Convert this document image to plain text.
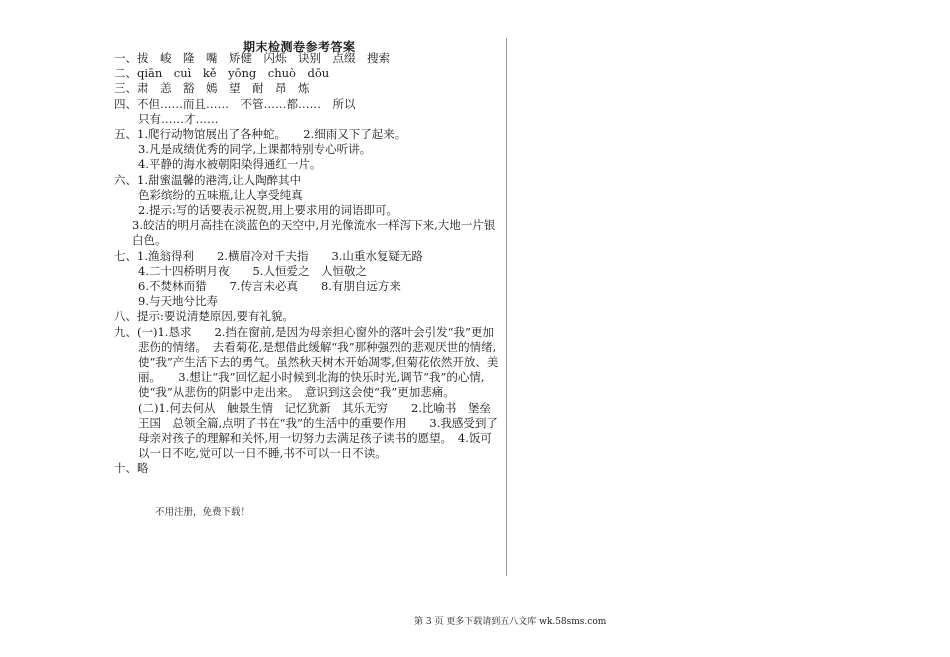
期末检测卷参考答案
一、拔　峻　隆　嘴　矫健　闪烁　诀别　点缀　搜索
二、qiān　cuì　kě　yōng　chuò　dōu
三、肃　恙　豁　嫣　望　耐　昂　炼
四、不但……而且……　不管……都……　所以
只有……才……
五、1.爬行动物馆展出了各种蛇。　　2.细雨又下了起来。
3.凡是成绩优秀的同学,上课都特别专心听讲。
4.平静的海水被朝阳染得通红一片。
六、1.甜蜜温馨的港湾,让人陶醉其中
色彩缤纷的五味瓶,让人享受纯真
2.提示:写的话要表示祝贺,用上要求用的词语即可。
3.皎洁的明月高挂在淡蓝色的天空中,月光像流水一样泻下来,大地一片银白色。
七、1.渔翁得利　　2.横眉冷对千夫指　　3.山重水复疑无路
4.二十四桥明月夜　　5.人恒爱之　人恒敬之
6.不焚林而猎　　7.传言未必真　　8.有朋自远方来
9.与天地兮比寿
八、提示:要说清楚原因,要有礼貌。
九、(一)1.恳求　　2.挡在窗前,是因为母亲担心窗外的落叶会引发“我”更加悲伤的情绪。　去看菊花,是想借此缓解“我”那种强烈的悲观厌世的情绪,使“我”产生活下去的勇气。虽然秋天树木开始凋零,但菊花依然开放、美丽。　　3.想让“我”回忆起小时候到北海的快乐时光,调节“我”的心情,使“我”从悲伤的阴影中走出来。　意识到这会使“我”更加悲痛。
(二)1.何去何从　触景生情　记忆犹新　其乐无穷　　2.比喻书　堡垒　王国　总领全篇,点明了书在“我”的生活中的重要作用　　3.我感受到了母亲对孩子的理解和关怀,用一切努力去满足孩子读书的愿望。　4.饭可以一日不吃,觉可以一日不睡,书不可以一日不读。
十、略
不用注册，免费下载！
第 3 页 更多下载请到五八文库 wk.58sms.com
